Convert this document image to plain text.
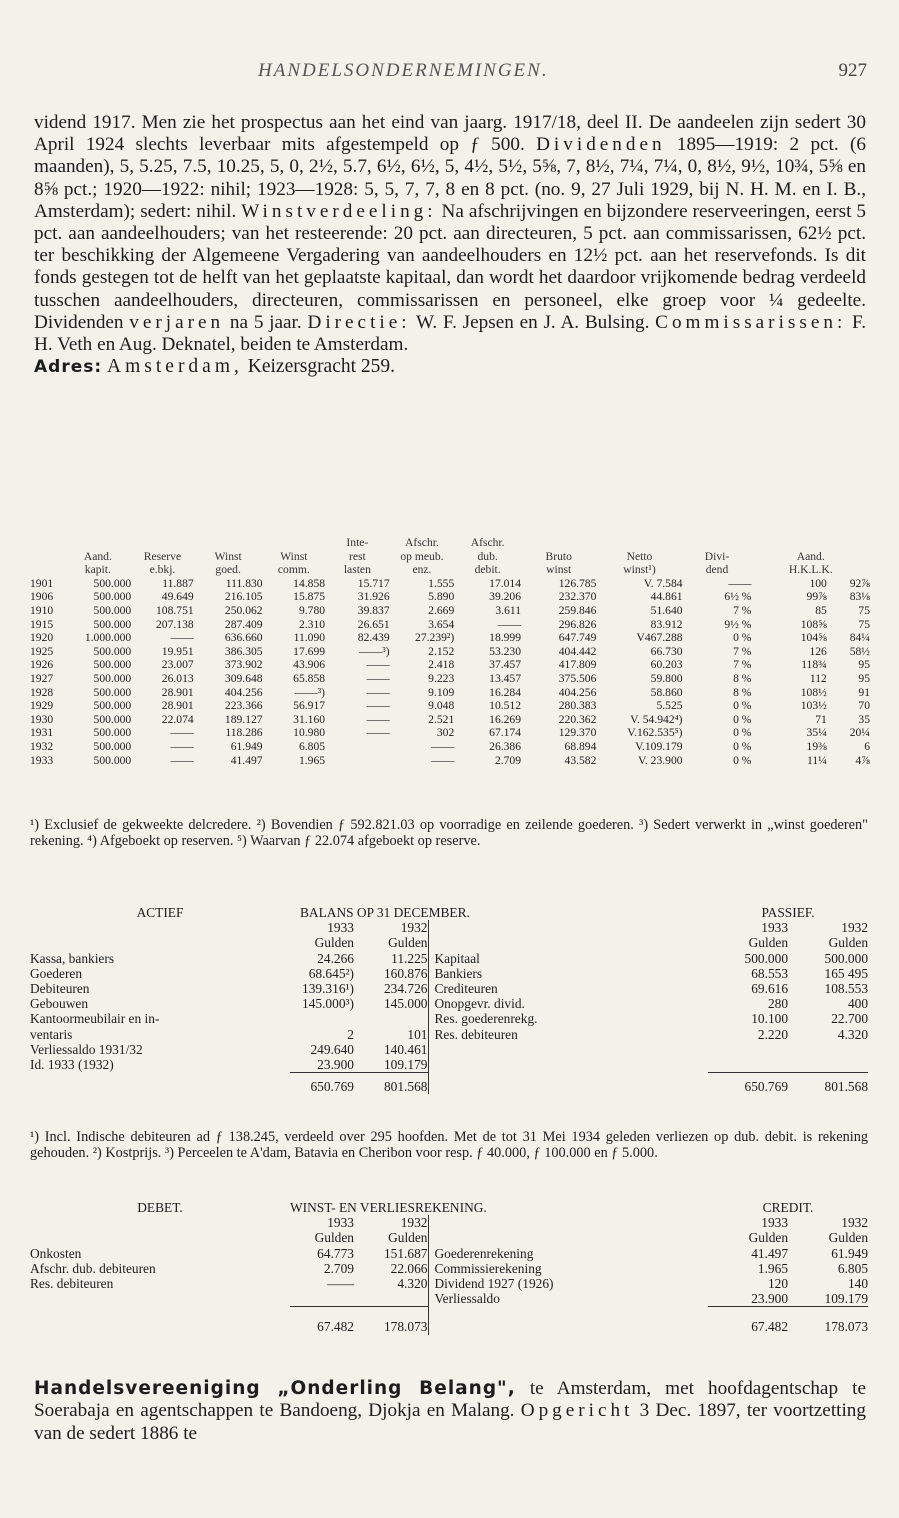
HANDELSONDERNEMINGEN.	927

vidend 1917. Men zie het prospectus aan het eind van jaarg. 1917/18, deel II. De aandeelen zijn sedert 30 April 1924 slechts leverbaar mits afgestempeld op ƒ 500. Dividenden 1895—1919: 2 pct. (6 maanden), 5, 5.25, 7.5, 10.25, 5, 0, 2½, 5.7, 6½, 6½, 5, 4½, 5½, 5⅝, 7, 8½, 7¼, 7¼, 0, 8½, 9½, 10¾, 5⅝ en 8⅝ pct.; 1920—1922: nihil; 1923—1928: 5, 5, 7, 7, 8 en 8 pct. (no. 9, 27 Juli 1929, bij N. H. M. en I. B., Amsterdam); sedert: nihil. Winstverdeeling: Na afschrijvingen en bijzondere reserveeringen, eerst 5 pct. aan aandeelhouders; van het resteerende: 20 pct. aan directeuren, 5 pct. aan commissarissen, 62½ pct. ter beschikking der Algemeene Vergadering van aandeelhouders en 12½ pct. aan het reservefonds. Is dit fonds gestegen tot de helft van het geplaatste kapitaal, dan wordt het daardoor vrijkomende bedrag verdeeld tusschen aandeelhouders, directeuren, commissarissen en personeel, elke groep voor ¼ gedeelte. Dividenden verjaren na 5 jaar. Directie: W. F. Jepsen en J. A. Bulsing. Commissarissen: F. H. Veth en Aug. Deknatel, beiden te Amsterdam.

Adres: Amsterdam, Keizersgracht 259.

					Inte-	Afschr.	Afschr.					
	Aand.	Reserve	Winst	Winst	rest	op meub.	dub.	Bruto	Netto	Divi-	Aand.	
	kapit.	e.bkj.	goed.	comm.	lasten	enz.	debit.	winst	winst¹)	dend	H.K.L.K.	
1901	500.000	11.887	111.830	14.858	15.717	1.555	17.014	126.785	V. 7.584	——	100	92⅞
1906	500.000	49.649	216.105	15.875	31.926	5.890	39.206	232.370	44.861	6½ %	99⅞	83⅛
1910	500.000	108.751	250.062	9.780	39.837	2.669	3.611	259.846	51.640	7 %	85	75
1915	500.000	207.138	287.409	2.310	26.651	3.654	——	296.826	83.912	9½ %	108⅝	75
1920	1.000.000	——	636.660	11.090	82.439	27.239²)	18.999	647.749	V467.288	0 %	104⅝	84¼
1925	500.000	19.951	386.305	17.699	——³)	2.152	53.230	404.442	66.730	7 %	126	58½
1926	500.000	23.007	373.902	43.906	——	2.418	37.457	417.809	60.203	7 %	118¾	95
1927	500.000	26.013	309.648	65.858	——	9.223	13.457	375.506	59.800	8 %	112	95
1928	500.000	28.901	404.256	——³)	——	9.109	16.284	404.256	58.860	8 %	108½	91
1929	500.000	28.901	223.366	56.917	——	9.048	10.512	280.383	5.525	0 %	103½	70
1930	500.000	22.074	189.127	31.160	——	2.521	16.269	220.362	V. 54.942⁴)	0 %	71	35
1931	500.000	——	118.286	10.980	——	302	67.174	129.370	V.162.535⁵)	0 %	35¼	20¼
1932	500.000	——	61.949	6.805		——	26.386	68.894	V.109.179	0 %	19⅜	6
1933	500.000	——	41.497	1.965		——	2.709	43.582	V. 23.900	0 %	11¼	4⅞
¹) Exclusief de gekweekte delcredere. ²) Bovendien ƒ 592.821.03 op voorradige en zeilende goederen. ³) Sedert verwerkt in „winst goederen" rekening. ⁴) Afgeboekt op reserven. ⁵) Waarvan ƒ 22.074 afgeboekt op reserve.
ACTIEF	BALANS OP 31 DECEMBER.			PASSIEF.	
	1933	1932		1933	1932
	Gulden	Gulden		Gulden	Gulden
Kassa, bankiers	24.266	11.225	Kapitaal	500.000	500.000
Goederen	68.645²)	160.876	Bankiers	68.553	165 495
Debiteuren	139.316¹)	234.726	Crediteuren	69.616	108.553
Gebouwen	145.000³)	145.000	Onopgevr. divid.	280	400
Kantoormeubilair en in-			Res. goederenrekg.	10.100	22.700
ventaris	2	101	Res. debiteuren	2.220	4.320
Verliessaldo 1931/32	249.640	140.461			
Id. 1933 (1932)	23.900	109.179			
	650.769	801.568		650.769	801.568
¹) Incl. Indische debiteuren ad ƒ 138.245, verdeeld over 295 hoofden. Met de tot 31 Mei 1934 geleden verliezen op dub. debit. is rekening gehouden. ²) Kostprijs. ³) Perceelen te A'dam, Batavia en Cheribon voor resp. ƒ 40.000, ƒ 100.000 en ƒ 5.000.
DEBET.	WINST- EN VERLIESREKENING.			CREDIT.	
	1933	1932		1933	1932
	Gulden	Gulden		Gulden	Gulden
Onkosten	64.773	151.687	Goederenrekening	41.497	61.949
Afschr. dub. debiteuren	2.709	22.066	Commissierekening	1.965	6.805
Res. debiteuren	——	4.320	Dividend 1927 (1926)	120	140
			Verliessaldo	23.900	109.179
	67.482	178.073		67.482	178.073
Handelsvereeniging „Onderling Belang", te Amsterdam, met hoofdagentschap te Soerabaja en agentschappen te Bandoeng, Djokja en Malang. Opgericht 3 Dec. 1897, ter voortzetting van de sedert 1886 te
